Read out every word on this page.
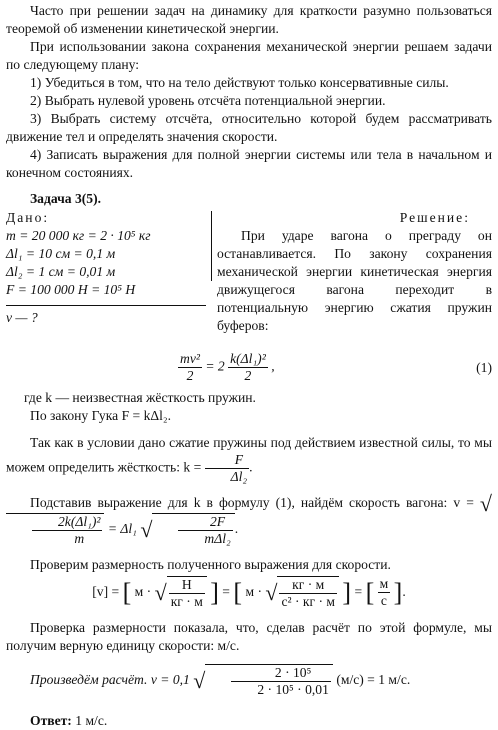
Часто при решении задач на динамику для краткости разумно пользоваться теоремой об изменении кинетической энергии.

При использовании закона сохранения механической энергии решаем задачи по следующему плану:

1) Убедиться в том, что на тело действуют только консервативные силы.

2) Выбрать нулевой уровень отсчёта потенциальной энергии.

3) Выбрать систему отсчёта, относительно которой будем рассматривать движение тел и определять значения скорости.

4) Записать выражения для полной энергии системы или тела в начальном и конечном состояниях.

Задача 3(5).

Дано:
m = 20 000 кг = 2 · 10⁵ кг
Δl₁ = 10 см = 0,1 м
Δl₂ = 1 см = 0,01 м
F = 100 000 Н = 10⁵ Н
v — ?
Решение:

При ударе вагона о преграду он останавливается. По закону сохранения механической энергии кинетическая энергия движущегося вагона переходит в потенциальную энергию сжатия пружин буферов:

$\frac{\text{mv²}}{2} = 2 \frac{\text{k(Δl₁)²}}{2}$ ,	(1)

где k — неизвестная жёсткость пружин.

По закону Гука F = kΔl₂.

Так как в условии дано сжатие пружины под действием известной силы, то мы можем определить жёсткость: $k = \frac{F}{\text{Δl₂}}$ .

Подставив выражение для k в формулу (1), найдём скорость вагона: v = √
$\frac{\text{2k(Δl₁)²}}{m} = \Delta l_1$ √ $\frac{2F}{\text{mΔl₂}}$ .

Проверим размерность полученного выражения для скорости.

[v] = [ м · √ $\frac{Н}{кг \cdot м}$ ] = [ м · √ $\frac{кг \cdot м}{\text{с² · кг · м}}$ ] = [ $\frac{м}{с}$ ].

Проверка размерности показала, что, сделав расчёт по этой формуле, мы получим верную единицу скорости: м/с.

Произведём расчёт. v = 0,1 √ $\frac{\text{2 · 10⁵}}{\text{2 · 10⁵ · 0,01}} (м/с) = 1$ м/с.

Ответ: 1 м/с.
